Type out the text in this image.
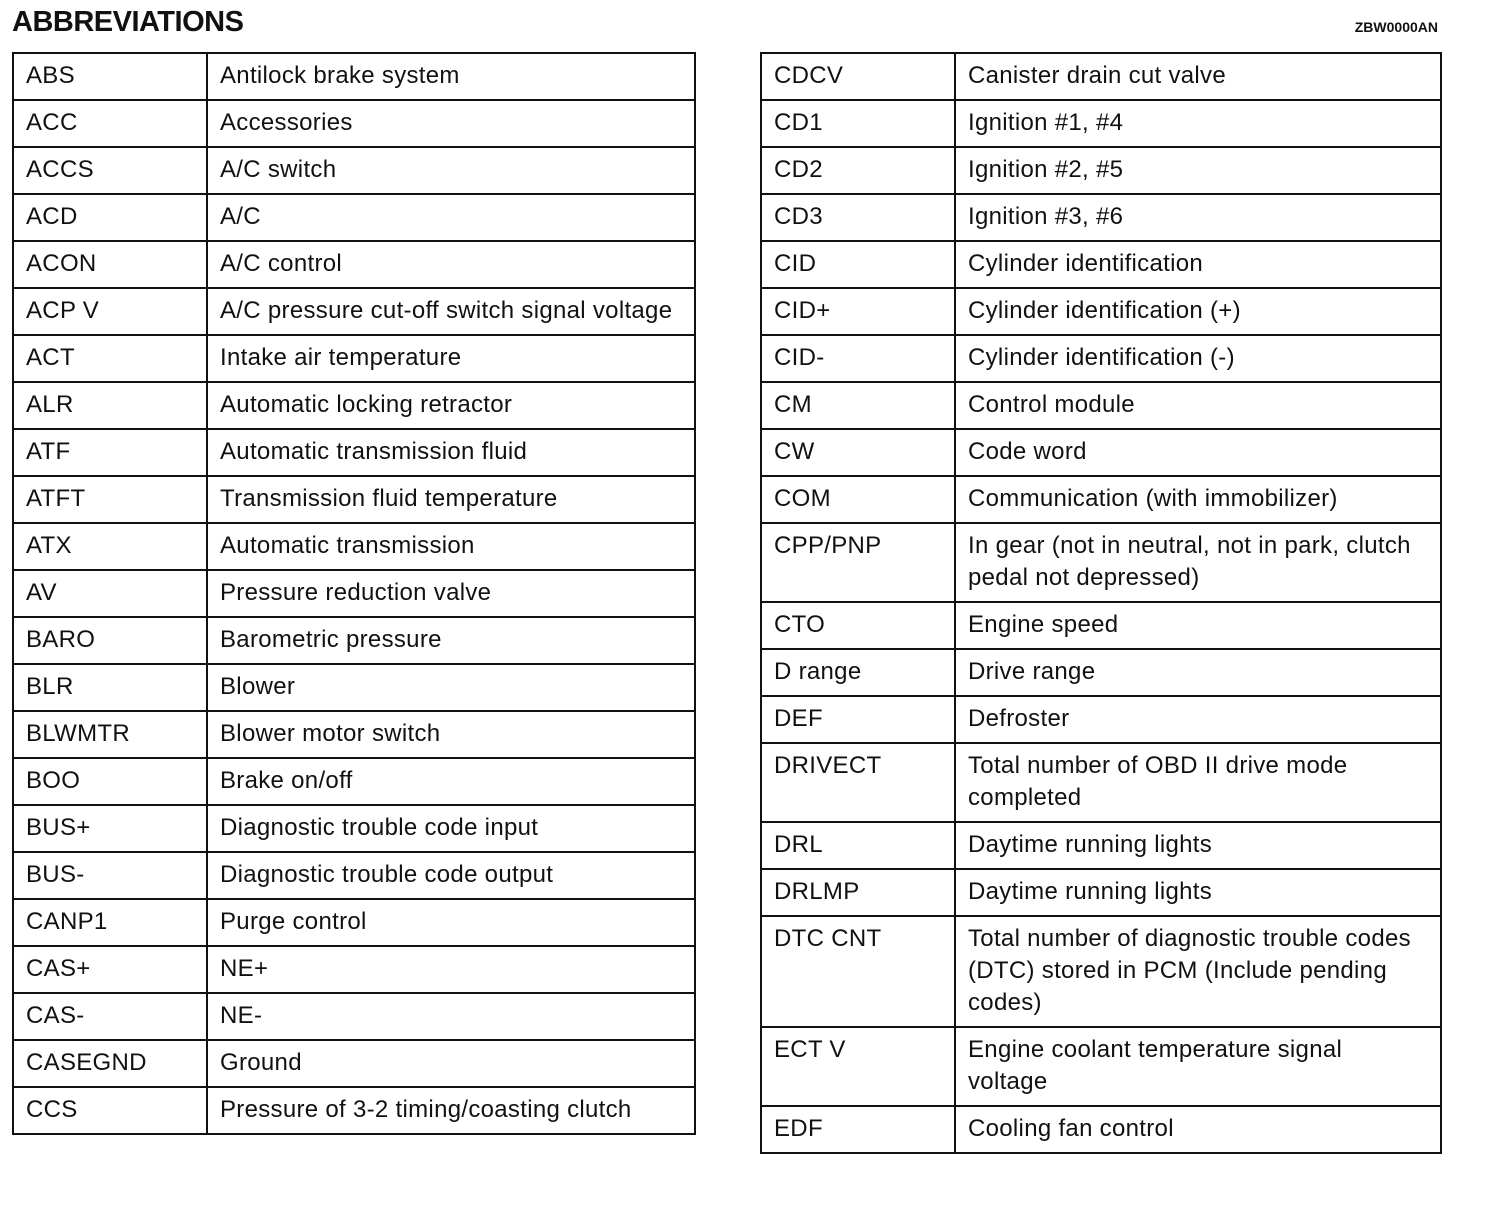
ABBREVIATIONS	ZBW0000AN
ABS	Antilock brake system
ACC	Accessories
ACCS	A/C switch
ACD	A/C
ACON	A/C control
ACP V	A/C pressure cut-off switch signal voltage
ACT	Intake air temperature
ALR	Automatic locking retractor
ATF	Automatic transmission fluid
ATFT	Transmission fluid temperature
ATX	Automatic transmission
AV	Pressure reduction valve
BARO	Barometric pressure
BLR	Blower
BLWMTR	Blower motor switch
BOO	Brake on/off
BUS+	Diagnostic trouble code input
BUS-	Diagnostic trouble code output
CANP1	Purge control
CAS+	NE+
CAS-	NE-
CASEGND	Ground
CCS	Pressure of 3-2 timing/coasting clutch
CDCV	Canister drain cut valve
CD1	Ignition #1, #4
CD2	Ignition #2, #5
CD3	Ignition #3, #6
CID	Cylinder identification
CID+	Cylinder identification (+)
CID-	Cylinder identification (-)
CM	Control module
CW	Code word
COM	Communication (with immobilizer)
CPP/PNP	In gear (not in neutral, not in park, clutch pedal not depressed)
CTO	Engine speed
D range	Drive range
DEF	Defroster
DRIVECT	Total number of OBD II drive mode completed
DRL	Daytime running lights
DRLMP	Daytime running lights
DTC CNT	Total number of diagnostic trouble codes (DTC) stored in PCM (Include pending codes)
ECT V	Engine coolant temperature signal voltage
EDF	Cooling fan control
